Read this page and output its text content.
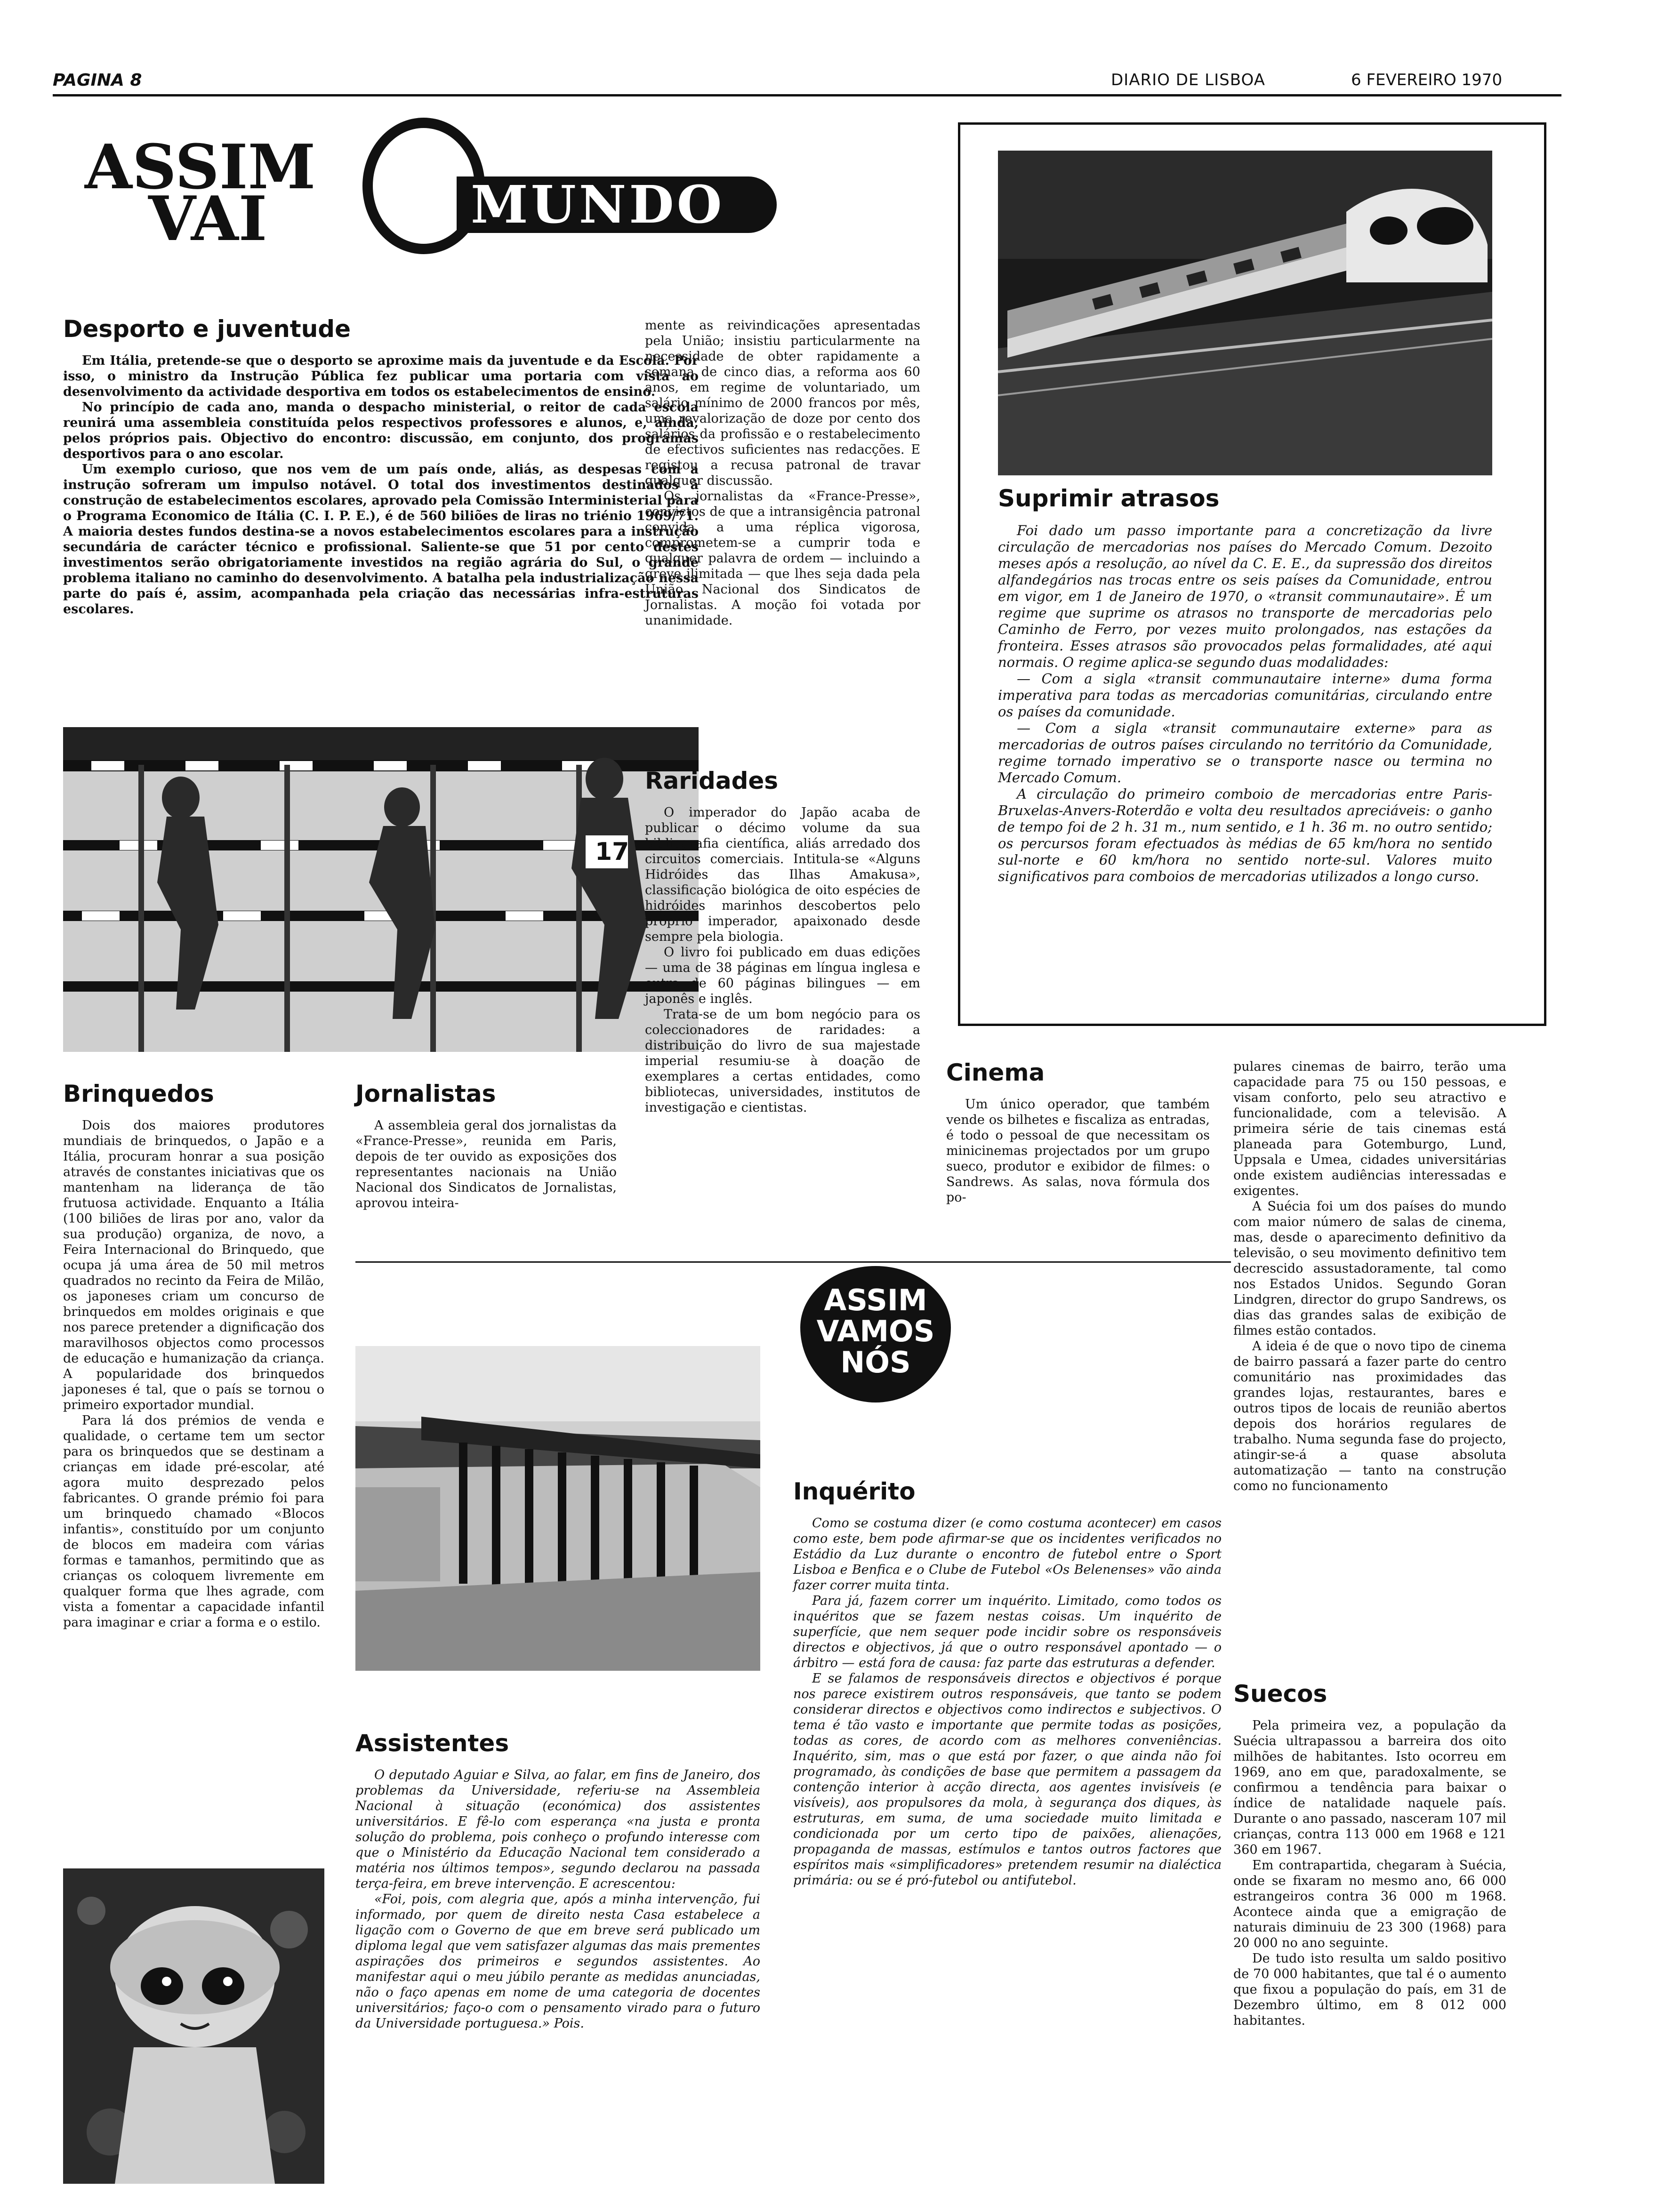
PAGINA 8	DIARIO DE LISBOA	6 FEVEREIRO 1970
ASSIM
VAI	MUNDO
Desporto e juventude

Em Itália, pretende-se que o desporto se aproxime mais da juventude e da Escola. Por isso, o ministro da Instrução Pública fez publicar uma portaria com vista ao desenvolvimento da actividade desportiva em todos os estabelecimentos de ensino.

No princípio de cada ano, manda o despacho ministerial, o reitor de cada escola reunirá uma assembleia constituída pelos respectivos professores e alunos, e, ainda, pelos próprios pais. Objectivo do encontro: discussão, em conjunto, dos programas desportivos para o ano escolar.

Um exemplo curioso, que nos vem de um país onde, aliás, as despesas com a instrução sofreram um impulso notável. O total dos investimentos destinados à construção de estabelecimentos escolares, aprovado pela Comissão Interministerial para o Programa Economico de Itália (C. I. P. E.), é de 560 biliões de liras no triénio 1969/71. A maioria destes fundos destina-se a novos estabelecimentos escolares para a instrução secundária de carácter técnico e profissional. Saliente-se que 51 por cento destes investimentos serão obrigatoriamente investidos na região agrária do Sul, o grande problema italiano no caminho do desenvolvimento. A batalha pela industrialização nessa parte do país é, assim, acompanhada pela criação das necessárias infra-estruturas escolares.

17

mente as reivindicações apresentadas pela União; insistiu particularmente na necessidade de obter rapidamente a semana de cinco dias, a reforma aos 60 anos, em regime de voluntariado, um salário mínimo de 2000 francos por mês, uma revalorização de doze por cento dos salários da profissão e o restabelecimento de efectivos suficientes nas redacções. E registou a recusa patronal de travar qualquer discussão.

Os jornalistas da «France-Presse», convictos de que a intransigência patronal convida a uma réplica vigorosa, comprometem-se a cumprir toda e qualquer palavra de ordem — incluindo a greve ilimitada — que lhes seja dada pela União Nacional dos Sindicatos de Jornalistas. A moção foi votada por unanimidade.

Raridades

O imperador do Japão acaba de publicar o décimo volume da sua bibliografia científica, aliás arredado dos circuitos comerciais. Intitula-se «Alguns Hidróides das Ilhas Amakusa», classificação biológica de oito espécies de hidróides marinhos descobertos pelo próprio imperador, apaixonado desde sempre pela biologia.

O livro foi publicado em duas edições — uma de 38 páginas em língua inglesa e outra de 60 páginas bilingues — em japonês e inglês.

Trata-se de um bom negócio para os coleccionadores de raridades: a distribuição do livro de sua majestade imperial resumiu-se à doação de exemplares a certas entidades, como bibliotecas, universidades, institutos de investigação e cientistas.

Suprimir atrasos

Foi dado um passo importante para a concretização da livre circulação de mercadorias nos países do Mercado Comum. Dezoito meses após a resolução, ao nível da C. E. E., da supressão dos direitos alfandegários nas trocas entre os seis países da Comunidade, entrou em vigor, em 1 de Janeiro de 1970, o «transit communautaire». É um regime que suprime os atrasos no transporte de mercadorias pelo Caminho de Ferro, por vezes muito prolongados, nas estações da fronteira. Esses atrasos são provocados pelas formalidades, até aqui normais. O regime aplica-se segundo duas modalidades:

— Com a sigla «transit communautaire interne» duma forma imperativa para todas as mercadorias comunitárias, circulando entre os países da comunidade.

— Com a sigla «transit communautaire externe» para as mercadorias de outros países circulando no território da Comunidade, regime tornado imperativo se o transporte nasce ou termina no Mercado Comum.

A circulação do primeiro comboio de mercadorias entre Paris-Bruxelas-Anvers-Roterdão e volta deu resultados apreciáveis: o ganho de tempo foi de 2 h. 31 m., num sentido, e 1 h. 36 m. no outro sentido; os percursos foram efectuados às médias de 65 km/hora no sentido sul-norte e 60 km/hora no sentido norte-sul. Valores muito significativos para comboios de mercadorias utilizados a longo curso.

Brinquedos

Dois dos maiores produtores mundiais de brinquedos, o Japão e a Itália, procuram honrar a sua posição através de constantes iniciativas que os mantenham na liderança de tão frutuosa actividade. Enquanto a Itália (100 biliões de liras por ano, valor da sua produção) organiza, de novo, a Feira Internacional do Brinquedo, que ocupa já uma área de 50 mil metros quadrados no recinto da Feira de Milão, os japoneses criam um concurso de brinquedos em moldes originais e que nos parece pretender a dignificação dos maravilhosos objectos como processos de educação e humanização da criança. A popularidade dos brinquedos japoneses é tal, que o país se tornou o primeiro exportador mundial.

Para lá dos prémios de venda e qualidade, o certame tem um sector para os brinquedos que se destinam a crianças em idade pré-escolar, até agora muito desprezado pelos fabricantes. O grande prémio foi para um brinquedo chamado «Blocos infantis», constituído por um conjunto de blocos em madeira com várias formas e tamanhos, permitindo que as crianças os coloquem livremente em qualquer forma que lhes agrade, com vista a fomentar a capacidade infantil para imaginar e criar a forma e o estilo.

Jornalistas

A assembleia geral dos jornalistas da «France-Presse», reunida em Paris, depois de ter ouvido as exposições dos representantes nacionais na União Nacional dos Sindicatos de Jornalistas, aprovou inteira-

Cinema

Um único operador, que também vende os bilhetes e fiscaliza as entradas, é todo o pessoal de que necessitam os minicinemas projectados por um grupo sueco, produtor e exibidor de filmes: o Sandrews. As salas, nova fórmula dos po-

pulares cinemas de bairro, terão uma capacidade para 75 ou 150 pessoas, e visam conforto, pelo seu atractivo e funcionalidade, com a televisão. A primeira série de tais cinemas está planeada para Gotemburgo, Lund, Uppsala e Umea, cidades universitárias onde existem audiências interessadas e exigentes.

A Suécia foi um dos países do mundo com maior número de salas de cinema, mas, desde o aparecimento definitivo da televisão, o seu movimento definitivo tem decrescido assustadoramente, tal como nos Estados Unidos. Segundo Goran Lindgren, director do grupo Sandrews, os dias das grandes salas de exibição de filmes estão contados.

A ideia é de que o novo tipo de cinema de bairro passará a fazer parte do centro comunitário nas proximidades das grandes lojas, restaurantes, bares e outros tipos de locais de reunião abertos depois dos horários regulares de trabalho. Numa segunda fase do projecto, atingir-se-á a quase absoluta automatização — tanto na construção como no funcionamento

ASSIM
VAMOS
NÓS
Inquérito

Como se costuma dizer (e como costuma acontecer) em casos como este, bem pode afirmar-se que os incidentes verificados no Estádio da Luz durante o encontro de futebol entre o Sport Lisboa e Benfica e o Clube de Futebol «Os Belenenses» vão ainda fazer correr muita tinta.

Para já, fazem correr um inquérito. Limitado, como todos os inquéritos que se fazem nestas coisas. Um inquérito de superfície, que nem sequer pode incidir sobre os responsáveis directos e objectivos, já que o outro responsável apontado — o árbitro — está fora de causa: faz parte das estruturas a defender.

E se falamos de responsáveis directos e objectivos é porque nos parece existirem outros responsáveis, que tanto se podem considerar directos e objectivos como indirectos e subjectivos. O tema é tão vasto e importante que permite todas as posições, todas as cores, de acordo com as melhores conveniências. Inquérito, sim, mas o que está por fazer, o que ainda não foi programado, às condições de base que permitem a passagem da contenção interior à acção directa, aos agentes invisíveis (e visíveis), aos propulsores da mola, à segurança dos diques, às estruturas, em suma, de uma sociedade muito limitada e condicionada por um certo tipo de paixões, alienações, propaganda de massas, estímulos e tantos outros factores que espíritos mais «simplificadores» pretendem resumir na dialéctica primária: ou se é pró-futebol ou antifutebol.

Assistentes

O deputado Aguiar e Silva, ao falar, em fins de Janeiro, dos problemas da Universidade, referiu-se na Assembleia Nacional à situação (económica) dos assistentes universitários. E fê-lo com esperança «na justa e pronta solução do problema, pois conheço o profundo interesse com que o Ministério da Educação Nacional tem considerado a matéria nos últimos tempos», segundo declarou na passada terça-feira, em breve intervenção. E acrescentou:

«Foi, pois, com alegria que, após a minha intervenção, fui informado, por quem de direito nesta Casa estabelece a ligação com o Governo de que em breve será publicado um diploma legal que vem satisfazer algumas das mais prementes aspirações dos primeiros e segundos assistentes. Ao manifestar aqui o meu júbilo perante as medidas anunciadas, não o faço apenas em nome de uma categoria de docentes universitários; faço-o com o pensamento virado para o futuro da Universidade portuguesa.» Pois.

Suecos

Pela primeira vez, a população da Suécia ultrapassou a barreira dos oito milhões de habitantes. Isto ocorreu em 1969, ano em que, paradoxalmente, se confirmou a tendência para baixar o índice de natalidade naquele país. Durante o ano passado, nasceram 107 mil crianças, contra 113 000 em 1968 e 121 360 em 1967.

Em contrapartida, chegaram à Suécia, onde se fixaram no mesmo ano, 66 000 estrangeiros contra 36 000 m 1968. Acontece ainda que a emigração de naturais diminuiu de 23 300 (1968) para 20 000 no ano seguinte.

De tudo isto resulta um saldo positivo de 70 000 habitantes, que tal é o aumento que fixou a população do país, em 31 de Dezembro último, em 8 012 000 habitantes.
